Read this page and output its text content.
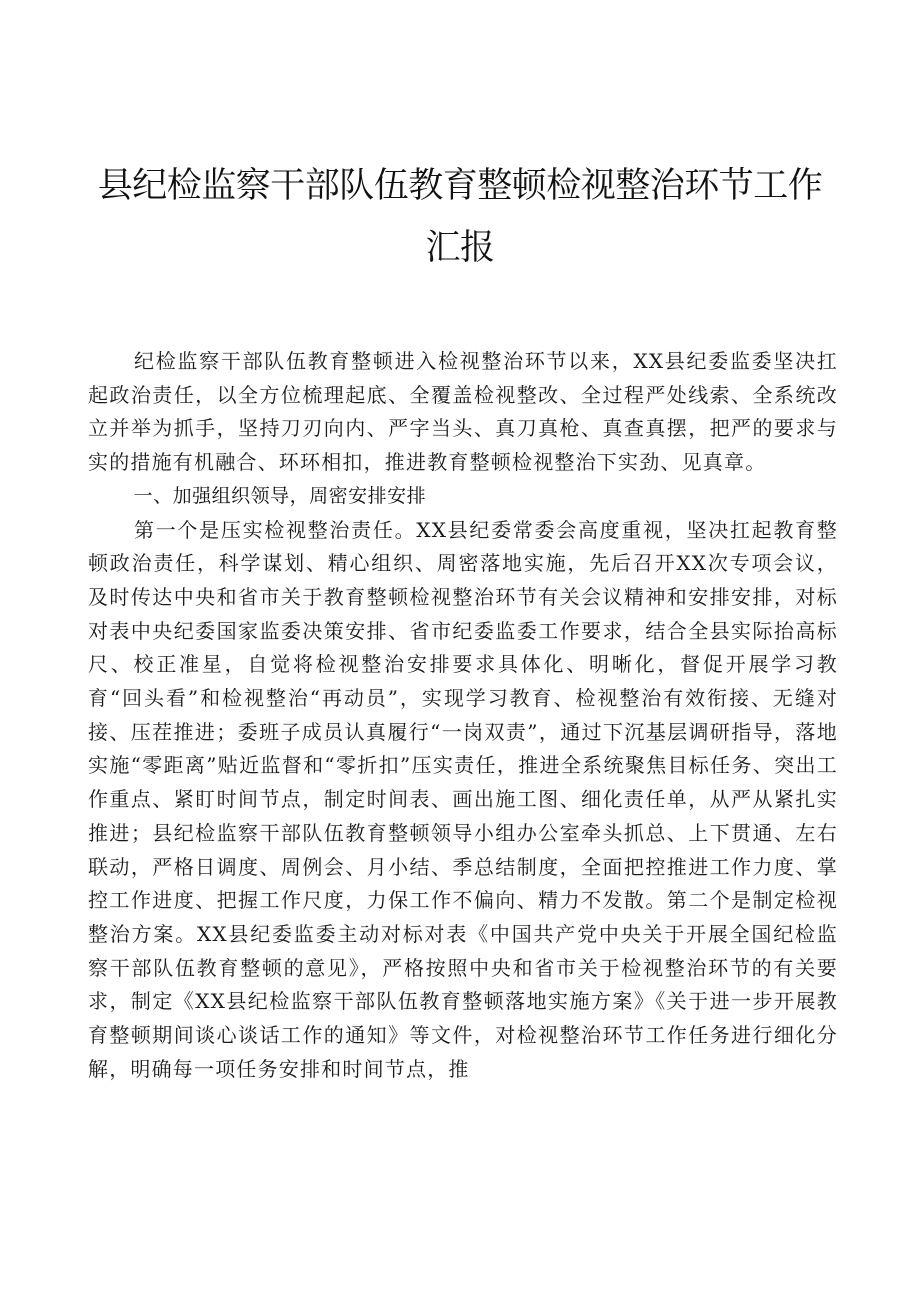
县纪检监察干部队伍教育整顿检视整治环节工作
汇报

纪检监察干部队伍教育整顿进入检视整治环节以来，XX县纪委监委坚决扛起政治责任，以全方位梳理起底、全覆盖检视整改、全过程严处线索、全系统改立并举为抓手，坚持刀刃向内、严字当头、真刀真枪、真查真摆，把严的要求与实的措施有机融合、环环相扣，推进教育整顿检视整治下实劲、见真章。

一、加强组织领导，周密安排安排

第一个是压实检视整治责任。XX县纪委常委会高度重视，坚决扛起教育整顿政治责任，科学谋划、精心组织、周密落地实施，先后召开XX次专项会议，及时传达中央和省市关于教育整顿检视整治环节有关会议精神和安排安排，对标对表中央纪委国家监委决策安排、省市纪委监委工作要求，结合全县实际抬高标尺、校正准星，自觉将检视整治安排要求具体化、明晰化，督促开展学习教育“回头看”和检视整治“再动员”，实现学习教育、检视整治有效衔接、无缝对接、压茬推进；委班子成员认真履行“一岗双责”，通过下沉基层调研指导，落地实施“零距离”贴近监督和“零折扣”压实责任，推进全系统聚焦目标任务、突出工作重点、紧盯时间节点，制定时间表、画出施工图、细化责任单，从严从紧扎实推进；县纪检监察干部队伍教育整顿领导小组办公室牵头抓总、上下贯通、左右联动，严格日调度、周例会、月小结、季总结制度，全面把控推进工作力度、掌控工作进度、把握工作尺度，力保工作不偏向、精力不发散。第二个是制定检视整治方案。XX县纪委监委主动对标对表《中国共产党中央关于开展全国纪检监察干部队伍教育整顿的意见》，严格按照中央和省市关于检视整治环节的有关要求，制定《XX县纪检监察干部队伍教育整顿落地实施方案》《关于进一步开展教育整顿期间谈心谈话工作的通知》等文件，对检视整治环节工作任务进行细化分解，明确每一项任务安排和时间节点，推
